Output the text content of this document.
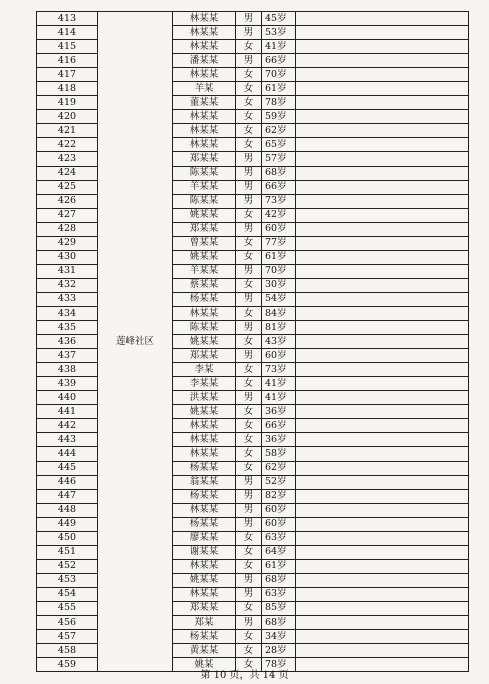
413	莲峰社区	林某某	男	45岁	
414		林某某	男	53岁	
415		林某某	女	41岁	
416		潘某某	男	66岁	
417		林某某	女	70岁	
418		羊某	女	61岁	
419		董某某	女	78岁	
420		林某某	女	59岁	
421		林某某	女	62岁	
422		林某某	女	65岁	
423		郑某某	男	57岁	
424		陈某某	男	68岁	
425		羊某某	男	66岁	
426		陈某某	男	73岁	
427		姚某某	女	42岁	
428		郑某某	男	60岁	
429		曾某某	女	77岁	
430		姚某某	女	61岁	
431		羊某某	男	70岁	
432		蔡某某	女	30岁	
433		杨某某	男	54岁	
434		林某某	女	84岁	
435		陈某某	男	81岁	
436		姚某某	女	43岁	
437		郑某某	男	60岁	
438		李某	女	73岁	
439		李某某	女	41岁	
440		洪某某	男	41岁	
441		姚某某	女	36岁	
442		林某某	女	66岁	
443		林某某	女	36岁	
444		林某某	女	58岁	
445		杨某某	女	62岁	
446		翁某某	男	52岁	
447		杨某某	男	82岁	
448		林某某	男	60岁	
449		杨某某	男	60岁	
450		廖某某	女	63岁	
451		谢某某	女	64岁	
452		林某某	女	61岁	
453		姚某某	男	68岁	
454		林某某	男	63岁	
455		郑某某	女	85岁	
456		郑某	男	68岁	
457		杨某某	女	34岁	
458		黄某某	女	28岁	
459		姚某	女	78岁	
第 10 页，共 14 页
